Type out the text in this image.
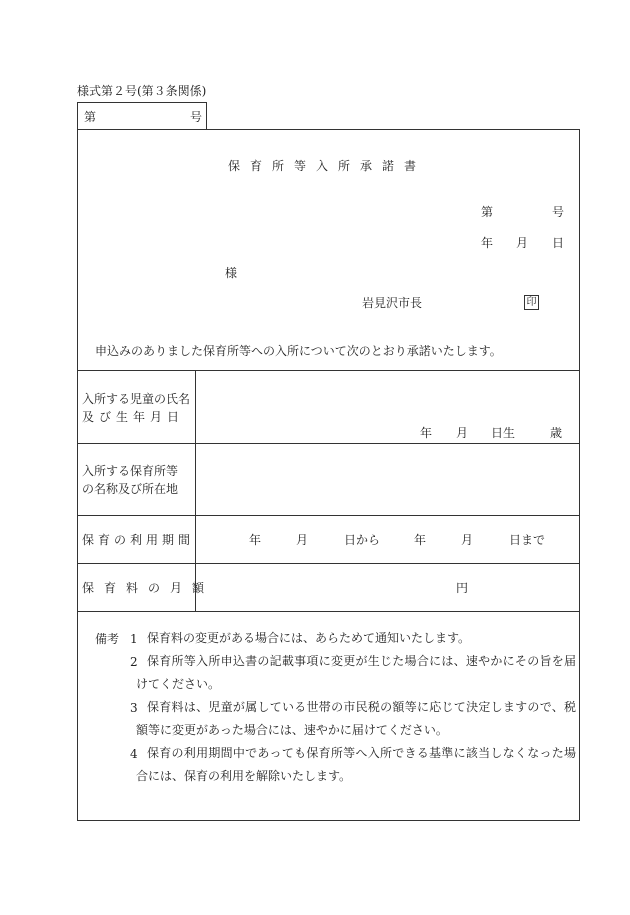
様式第２号(第３条関係)
第	号
保育所等入所承諾書
第	号
年 月 日
様
岩見沢市長	印
申込みのありました保育所等への入所について次のとおり承諾いたします。
入所する児童の氏名
及び生年月日
年 月 日生	歳
入所する保育所等
の名称及び所在地
保育の利用期間	年	月	日から	年	月	日まで
保育料の月額	円
備考 1 保育料の変更がある場合には、あらためて通知いたします。
2 保育所等入所申込書の記載事項に変更が生じた場合には、速やかにその旨を届けてください。
3 保育料は、児童が属している世帯の市民税の額等に応じて決定しますので、税額等に変更があった場合には、速やかに届けてください。
4 保育の利用期間中であっても保育所等へ入所できる基準に該当しなくなった場合には、保育の利用を解除いたします。
